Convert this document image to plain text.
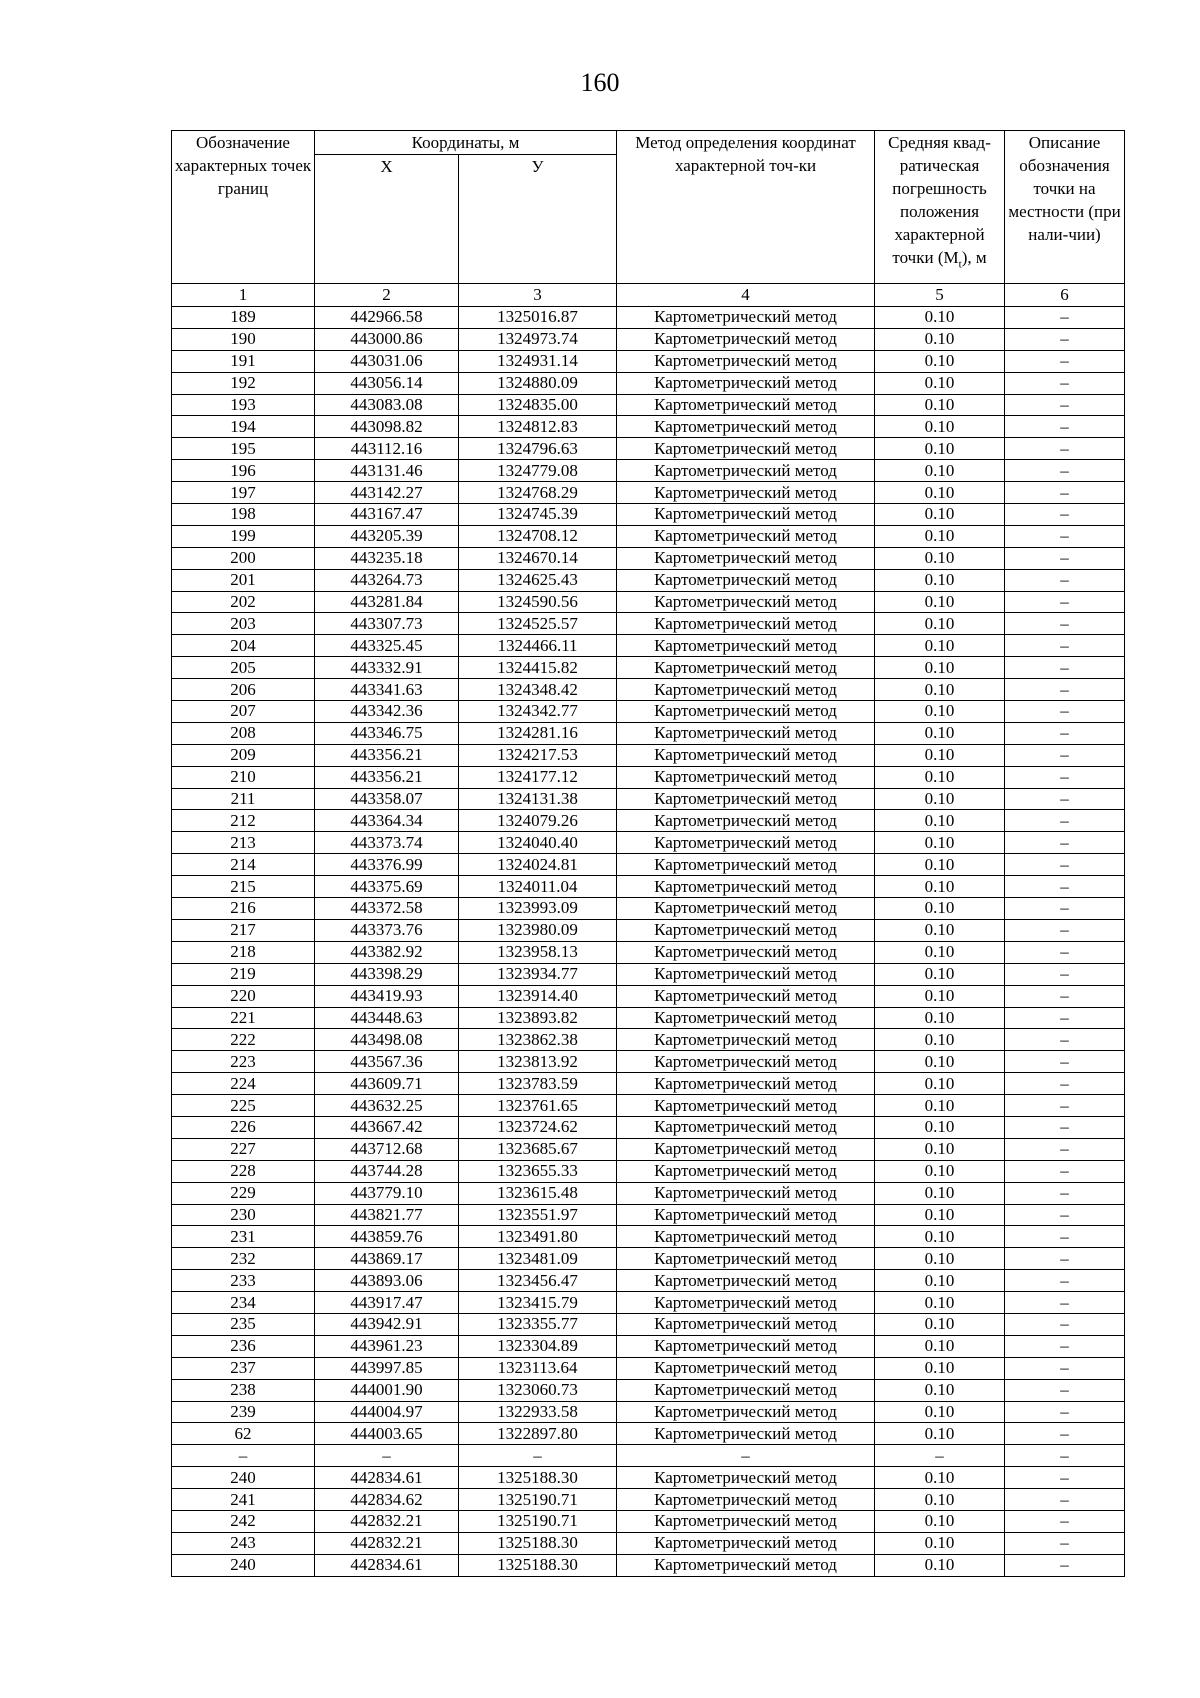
160
Обозначение характерных точек границ	Координаты, м		Метод определения координат характерной точ-ки	Средняя квад-ратическая погрешность положения характерной точки $(M_t)$, м	Описание обозначения точки на местности (при нали-чии)
	Х	У			
1	2	3	4	5	6
189	442966.58	1325016.87	Картометрический метод	0.10	–
190	443000.86	1324973.74	Картометрический метод	0.10	–
191	443031.06	1324931.14	Картометрический метод	0.10	–
192	443056.14	1324880.09	Картометрический метод	0.10	–
193	443083.08	1324835.00	Картометрический метод	0.10	–
194	443098.82	1324812.83	Картометрический метод	0.10	–
195	443112.16	1324796.63	Картометрический метод	0.10	–
196	443131.46	1324779.08	Картометрический метод	0.10	–
197	443142.27	1324768.29	Картометрический метод	0.10	–
198	443167.47	1324745.39	Картометрический метод	0.10	–
199	443205.39	1324708.12	Картометрический метод	0.10	–
200	443235.18	1324670.14	Картометрический метод	0.10	–
201	443264.73	1324625.43	Картометрический метод	0.10	–
202	443281.84	1324590.56	Картометрический метод	0.10	–
203	443307.73	1324525.57	Картометрический метод	0.10	–
204	443325.45	1324466.11	Картометрический метод	0.10	–
205	443332.91	1324415.82	Картометрический метод	0.10	–
206	443341.63	1324348.42	Картометрический метод	0.10	–
207	443342.36	1324342.77	Картометрический метод	0.10	–
208	443346.75	1324281.16	Картометрический метод	0.10	–
209	443356.21	1324217.53	Картометрический метод	0.10	–
210	443356.21	1324177.12	Картометрический метод	0.10	–
211	443358.07	1324131.38	Картометрический метод	0.10	–
212	443364.34	1324079.26	Картометрический метод	0.10	–
213	443373.74	1324040.40	Картометрический метод	0.10	–
214	443376.99	1324024.81	Картометрический метод	0.10	–
215	443375.69	1324011.04	Картометрический метод	0.10	–
216	443372.58	1323993.09	Картометрический метод	0.10	–
217	443373.76	1323980.09	Картометрический метод	0.10	–
218	443382.92	1323958.13	Картометрический метод	0.10	–
219	443398.29	1323934.77	Картометрический метод	0.10	–
220	443419.93	1323914.40	Картометрический метод	0.10	–
221	443448.63	1323893.82	Картометрический метод	0.10	–
222	443498.08	1323862.38	Картометрический метод	0.10	–
223	443567.36	1323813.92	Картометрический метод	0.10	–
224	443609.71	1323783.59	Картометрический метод	0.10	–
225	443632.25	1323761.65	Картометрический метод	0.10	–
226	443667.42	1323724.62	Картометрический метод	0.10	–
227	443712.68	1323685.67	Картометрический метод	0.10	–
228	443744.28	1323655.33	Картометрический метод	0.10	–
229	443779.10	1323615.48	Картометрический метод	0.10	–
230	443821.77	1323551.97	Картометрический метод	0.10	–
231	443859.76	1323491.80	Картометрический метод	0.10	–
232	443869.17	1323481.09	Картометрический метод	0.10	–
233	443893.06	1323456.47	Картометрический метод	0.10	–
234	443917.47	1323415.79	Картометрический метод	0.10	–
235	443942.91	1323355.77	Картометрический метод	0.10	–
236	443961.23	1323304.89	Картометрический метод	0.10	–
237	443997.85	1323113.64	Картометрический метод	0.10	–
238	444001.90	1323060.73	Картометрический метод	0.10	–
239	444004.97	1322933.58	Картометрический метод	0.10	–
62	444003.65	1322897.80	Картометрический метод	0.10	–
–	–	–	–	–	–
240	442834.61	1325188.30	Картометрический метод	0.10	–
241	442834.62	1325190.71	Картометрический метод	0.10	–
242	442832.21	1325190.71	Картометрический метод	0.10	–
243	442832.21	1325188.30	Картометрический метод	0.10	–
240	442834.61	1325188.30	Картометрический метод	0.10	–
